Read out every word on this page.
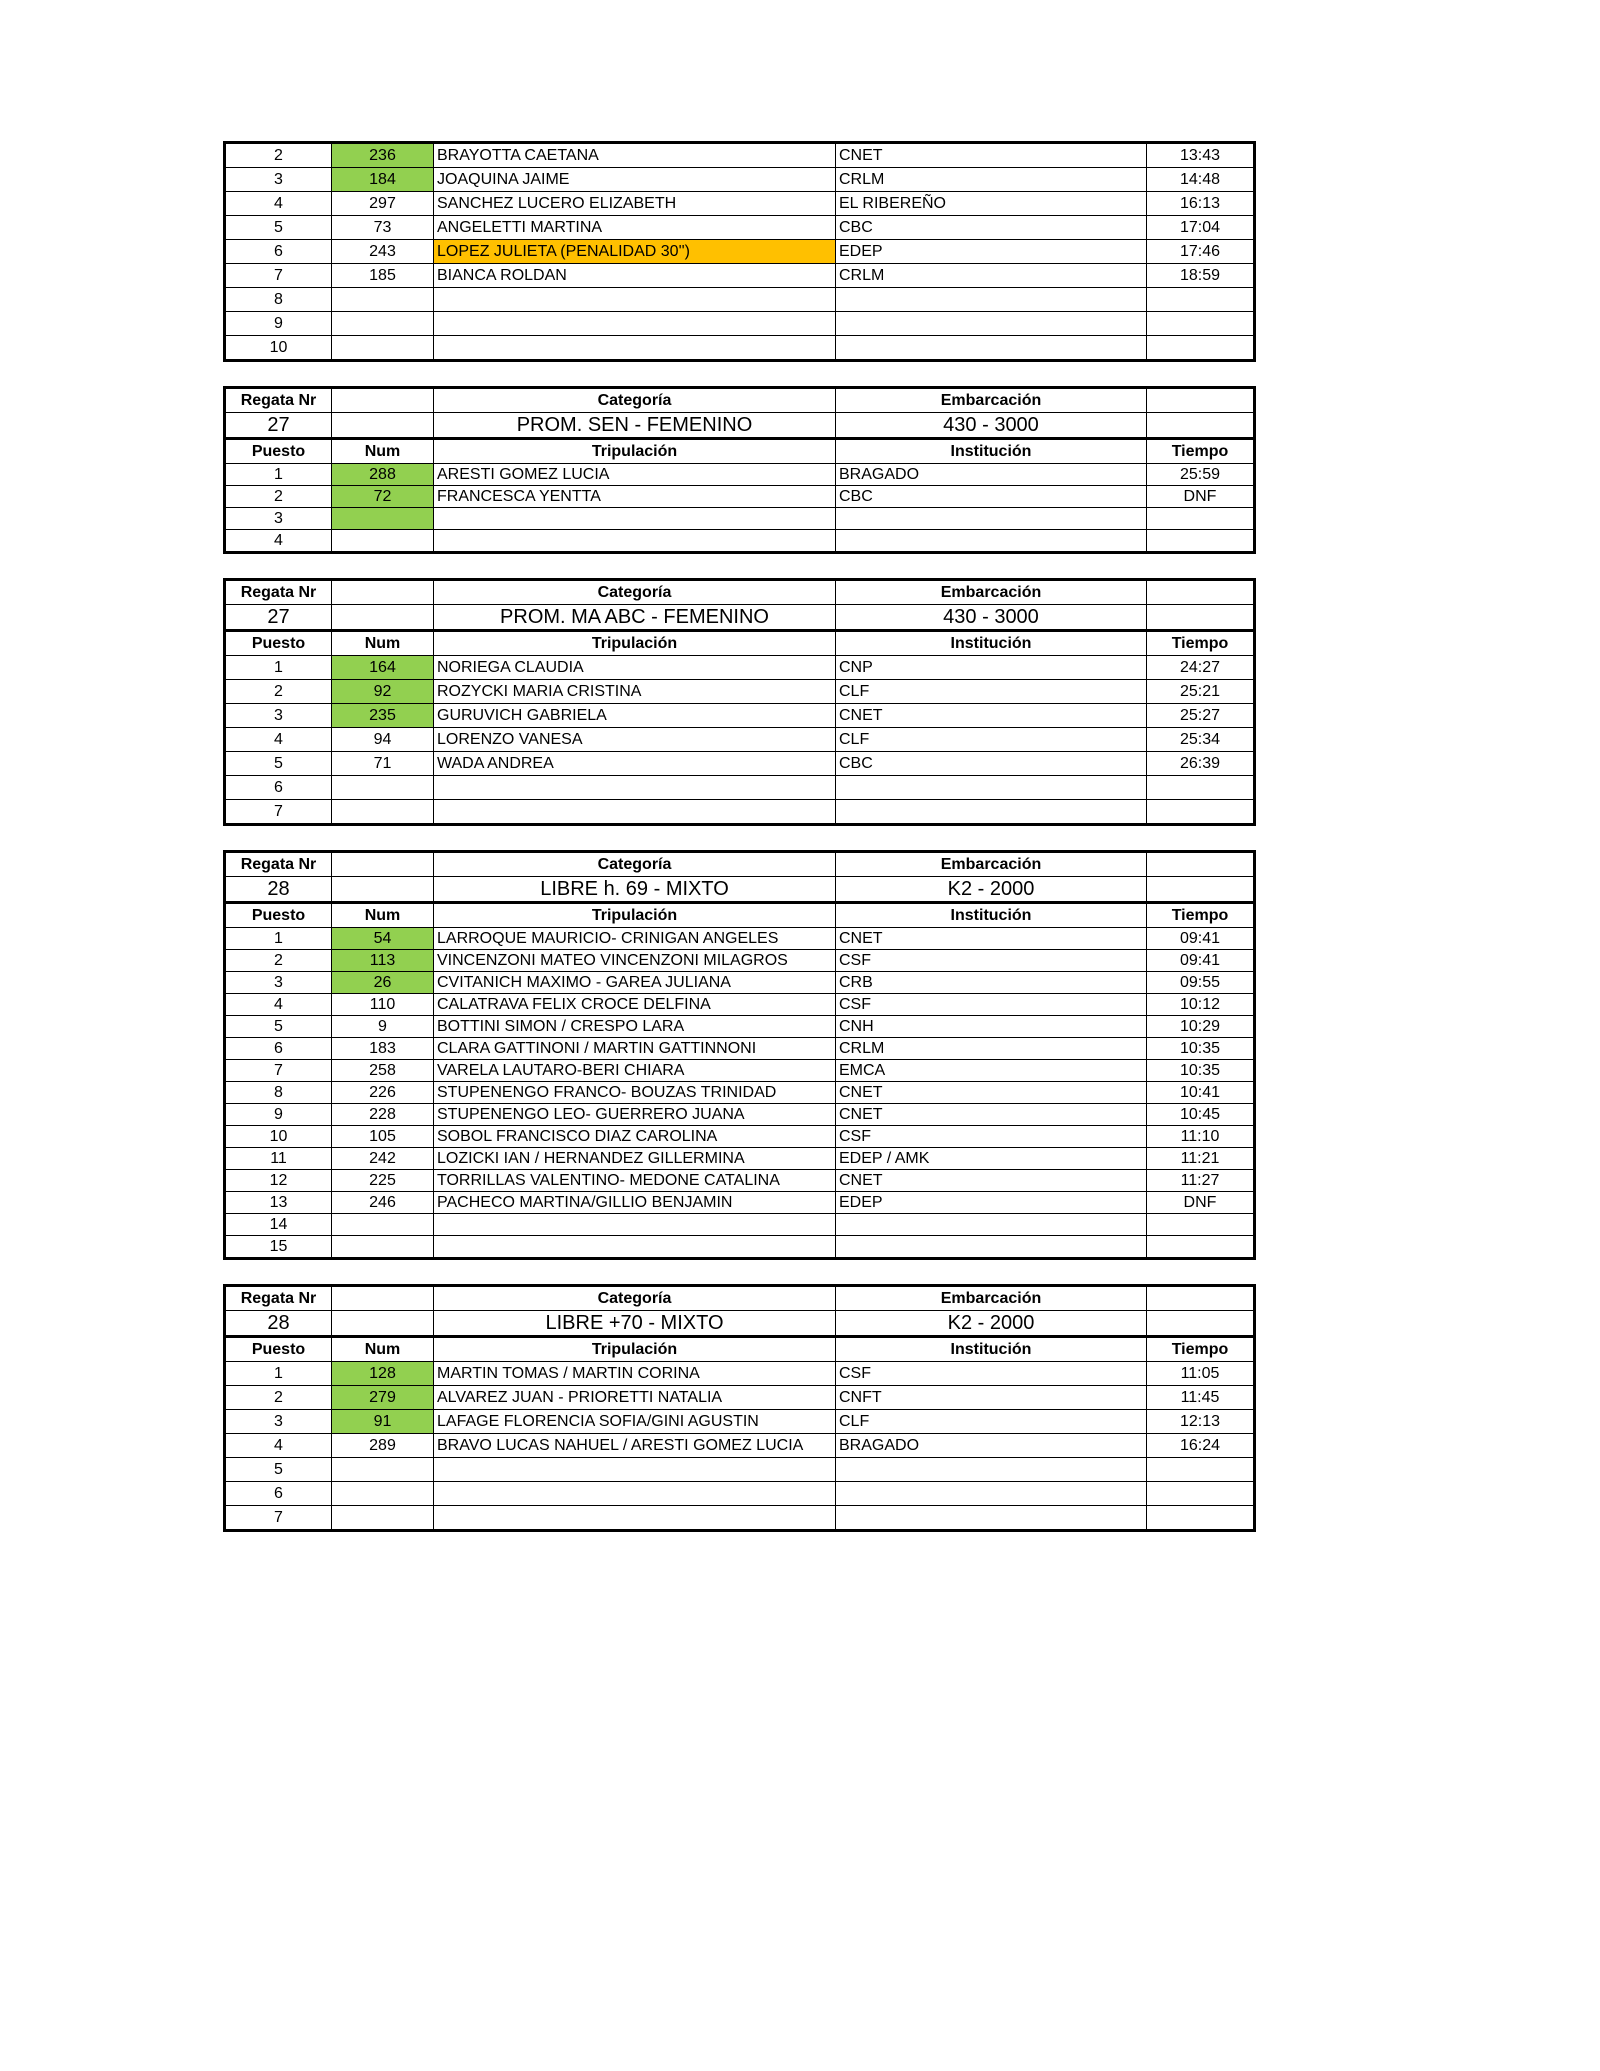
2	236	BRAYOTTA CAETANA	CNET	13:43
3	184	JOAQUINA JAIME	CRLM	14:48
4	297	SANCHEZ LUCERO ELIZABETH	EL RIBEREÑO	16:13
5	73	ANGELETTI MARTINA	CBC	17:04
6	243	LOPEZ JULIETA (PENALIDAD 30'')	EDEP	17:46
7	185	BIANCA ROLDAN	CRLM	18:59
8				
9				
10				
Regata Nr		Categoría	Embarcación	
27		PROM. SEN - FEMENINO	430 - 3000	
Puesto	Num	Tripulación	Institución	Tiempo
1	288	ARESTI GOMEZ LUCIA	BRAGADO	25:59
2	72	FRANCESCA YENTTA	CBC	DNF
3				
4				
Regata Nr		Categoría	Embarcación	
27		PROM. MA ABC - FEMENINO	430 - 3000	
Puesto	Num	Tripulación	Institución	Tiempo
1	164	NORIEGA CLAUDIA	CNP	24:27
2	92	ROZYCKI MARIA CRISTINA	CLF	25:21
3	235	GURUVICH GABRIELA	CNET	25:27
4	94	LORENZO VANESA	CLF	25:34
5	71	WADA ANDREA	CBC	26:39
6				
7				
Regata Nr		Categoría	Embarcación	
28		LIBRE h. 69 - MIXTO	K2 - 2000	
Puesto	Num	Tripulación	Institución	Tiempo
1	54	LARROQUE MAURICIO- CRINIGAN ANGELES	CNET	09:41
2	113	VINCENZONI MATEO VINCENZONI MILAGROS	CSF	09:41
3	26	CVITANICH MAXIMO - GAREA JULIANA	CRB	09:55
4	110	CALATRAVA FELIX CROCE DELFINA	CSF	10:12
5	9	BOTTINI SIMON / CRESPO LARA	CNH	10:29
6	183	CLARA GATTINONI / MARTIN GATTINNONI	CRLM	10:35
7	258	VARELA LAUTARO-BERI CHIARA	EMCA	10:35
8	226	STUPENENGO FRANCO- BOUZAS TRINIDAD	CNET	10:41
9	228	STUPENENGO LEO- GUERRERO JUANA	CNET	10:45
10	105	SOBOL FRANCISCO DIAZ CAROLINA	CSF	11:10
11	242	LOZICKI IAN / HERNANDEZ GILLERMINA	EDEP / AMK	11:21
12	225	TORRILLAS VALENTINO- MEDONE CATALINA	CNET	11:27
13	246	PACHECO MARTINA/GILLIO BENJAMIN	EDEP	DNF
14				
15				
Regata Nr		Categoría	Embarcación	
28		LIBRE +70 - MIXTO	K2 - 2000	
Puesto	Num	Tripulación	Institución	Tiempo
1	128	MARTIN TOMAS / MARTIN CORINA	CSF	11:05
2	279	ALVAREZ JUAN - PRIORETTI NATALIA	CNFT	11:45
3	91	LAFAGE FLORENCIA SOFIA/GINI AGUSTIN	CLF	12:13
4	289	BRAVO LUCAS NAHUEL / ARESTI GOMEZ LUCIA	BRAGADO	16:24
5				
6				
7				
